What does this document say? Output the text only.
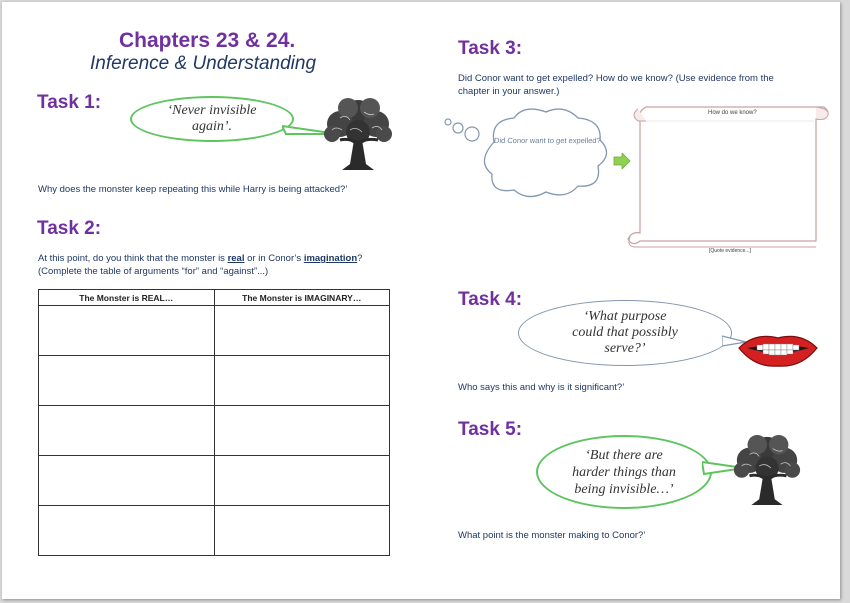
Chapters 23 & 24.
Inference & Understanding
Task 1:	‘Never invisible
again’.
Why does the monster keep repeating this while Harry is being attacked?’
Task 2:
At this point, do you think that the monster is real or in Conor’s imagination?
(Complete the table of arguments “for” and “against”...)
The Monster is REAL…	The Monster is IMAGINARY…

Task 3:
Did Conor want to get expelled? How do we know? (Use evidence from the
chapter in your answer.)
Did Conor want to get expelled?
How do we know?
[Quote evidence...]
Task 4:
‘What purpose
could that possibly
serve?’
Who says this and why is it significant?’
Task 5:
‘But there are
harder things than
being invisible…’
What point is the monster making to Conor?’
